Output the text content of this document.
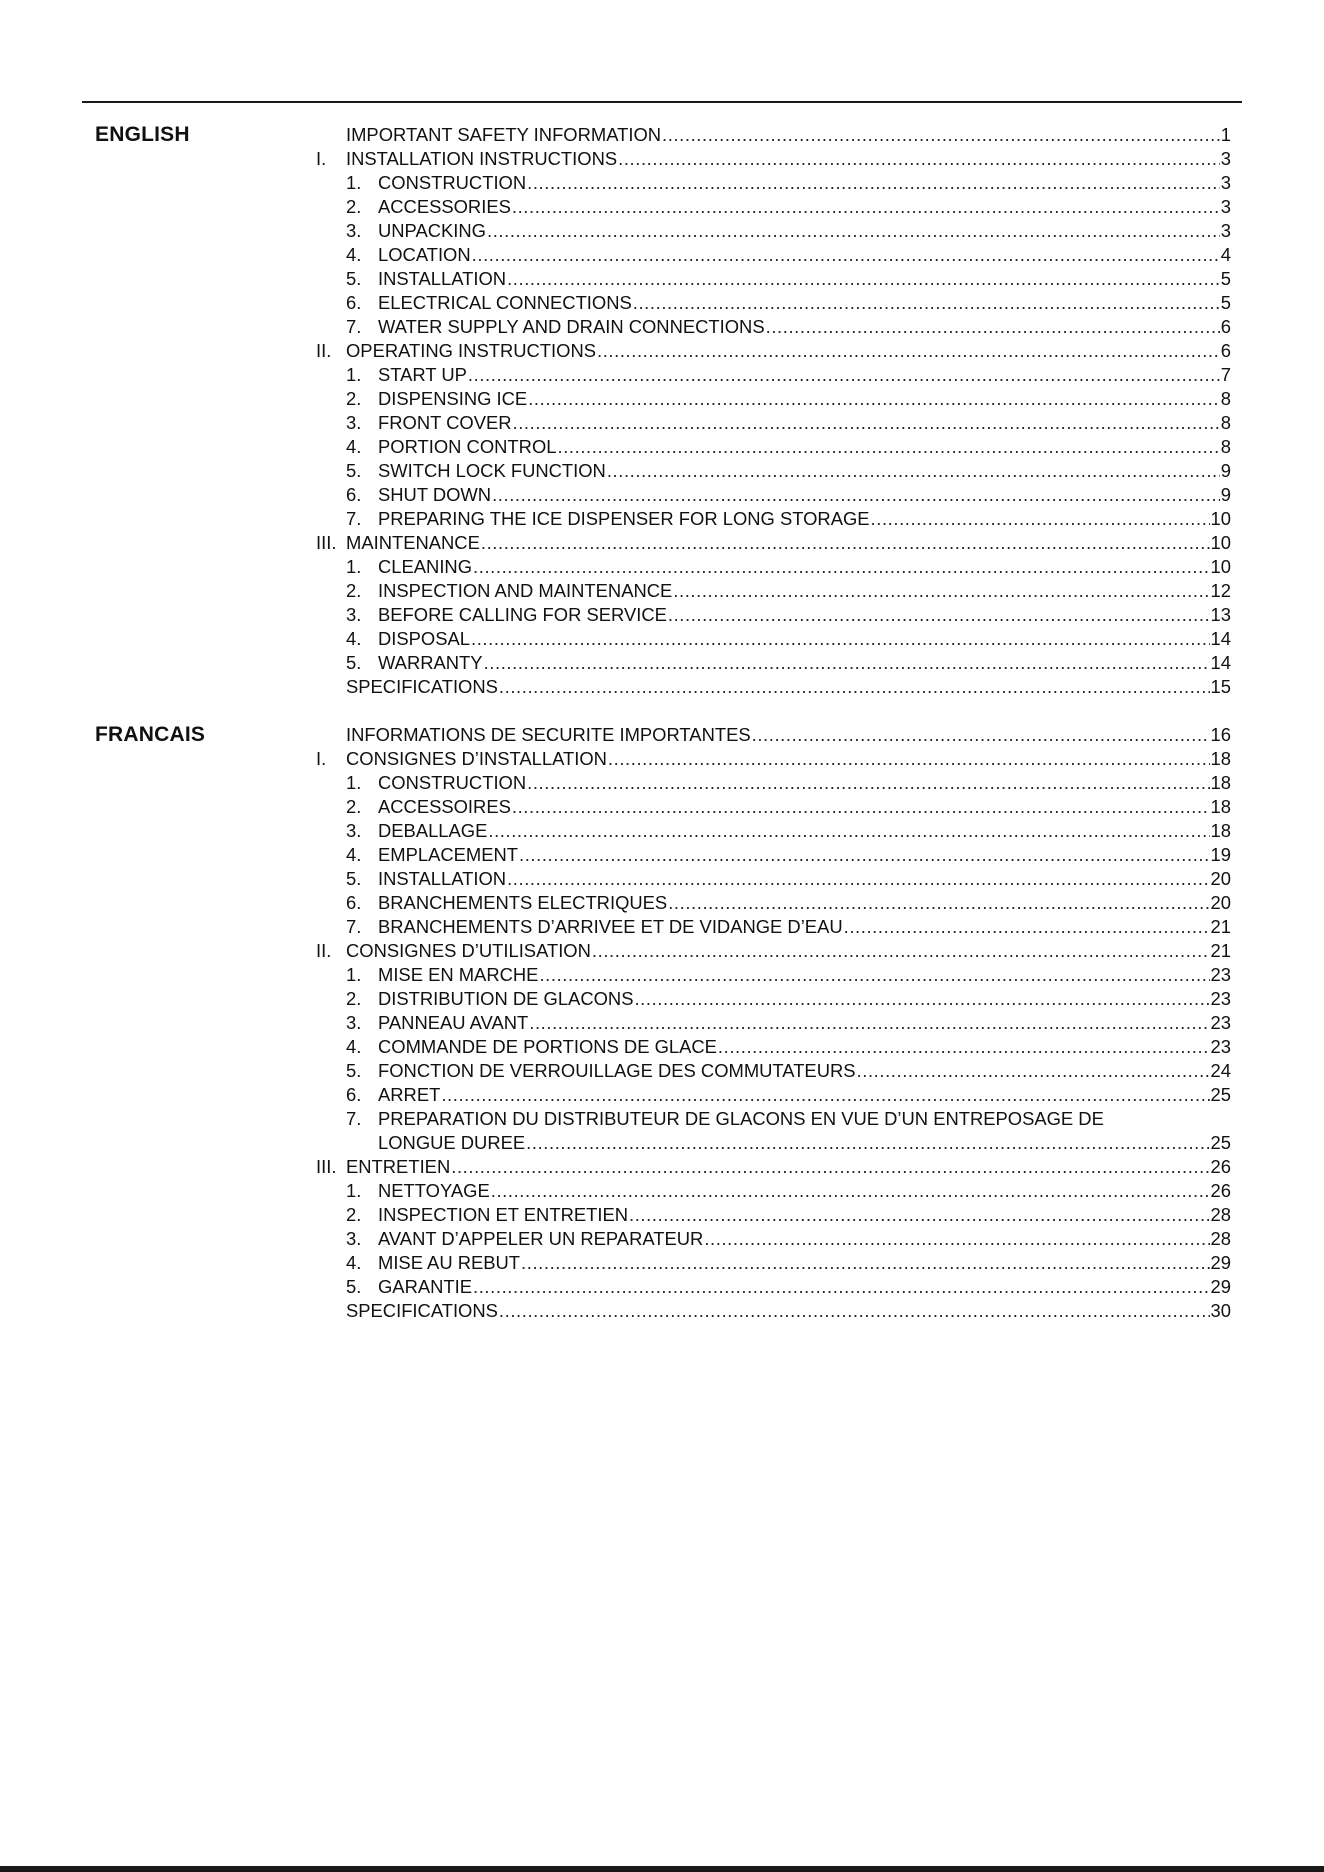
ENGLISH	IMPORTANT SAFETY INFORMATION .....	1
I.	INSTALLATION INSTRUCTIONS .....	3
1. CONSTRUCTION .....	3
2. ACCESSORIES .....	3
3. UNPACKING .....	3
4. LOCATION .....	4
5. INSTALLATION .....	5
6. ELECTRICAL CONNECTIONS .....	5
7. WATER SUPPLY AND DRAIN CONNECTIONS .....	6
II. OPERATING INSTRUCTIONS .....	6
1. START UP .....	7
2. DISPENSING ICE .....	8
3. FRONT COVER .....	8
4. PORTION CONTROL .....	8
5. SWITCH LOCK FUNCTION .....	9
6. SHUT DOWN .....	9
7. PREPARING THE ICE DISPENSER FOR LONG STORAGE .....	10
III. MAINTENANCE .....	10
1. CLEANING .....	10
2. INSPECTION AND MAINTENANCE .....	12
3. BEFORE CALLING FOR SERVICE .....	13
4. DISPOSAL .....	14
5. WARRANTY .....	14
SPECIFICATIONS .....	15
FRANCAIS	INFORMATIONS DE SECURITE IMPORTANTES .....	16
I.	CONSIGNES D’INSTALLATION .....	18
1. CONSTRUCTION .....	18
2. ACCESSOIRES .....	18
3. DEBALLAGE .....	18
4. EMPLACEMENT .....	19
5. INSTALLATION .....	20
6. BRANCHEMENTS ELECTRIQUES .....	20
7. BRANCHEMENTS D’ARRIVEE ET DE VIDANGE D’EAU .....	21
II. CONSIGNES D’UTILISATION .....	21
1. MISE EN MARCHE .....	23
2. DISTRIBUTION DE GLACONS .....	23
3. PANNEAU AVANT .....	23
4. COMMANDE DE PORTIONS DE GLACE .....	23
5. FONCTION DE VERROUILLAGE DES COMMUTATEURS .....	24
6. ARRET .....	25
7. PREPARATION DU DISTRIBUTEUR DE GLACONS EN VUE D’UN ENTREPOSAGE DE
LONGUE DUREE .....	25
III. ENTRETIEN .....	26
1. NETTOYAGE .....	26
2. INSPECTION ET ENTRETIEN .....	28
3. AVANT D’APPELER UN REPARATEUR .....	28
4. MISE AU REBUT .....	29
5. GARANTIE .....	29
SPECIFICATIONS .....	30
